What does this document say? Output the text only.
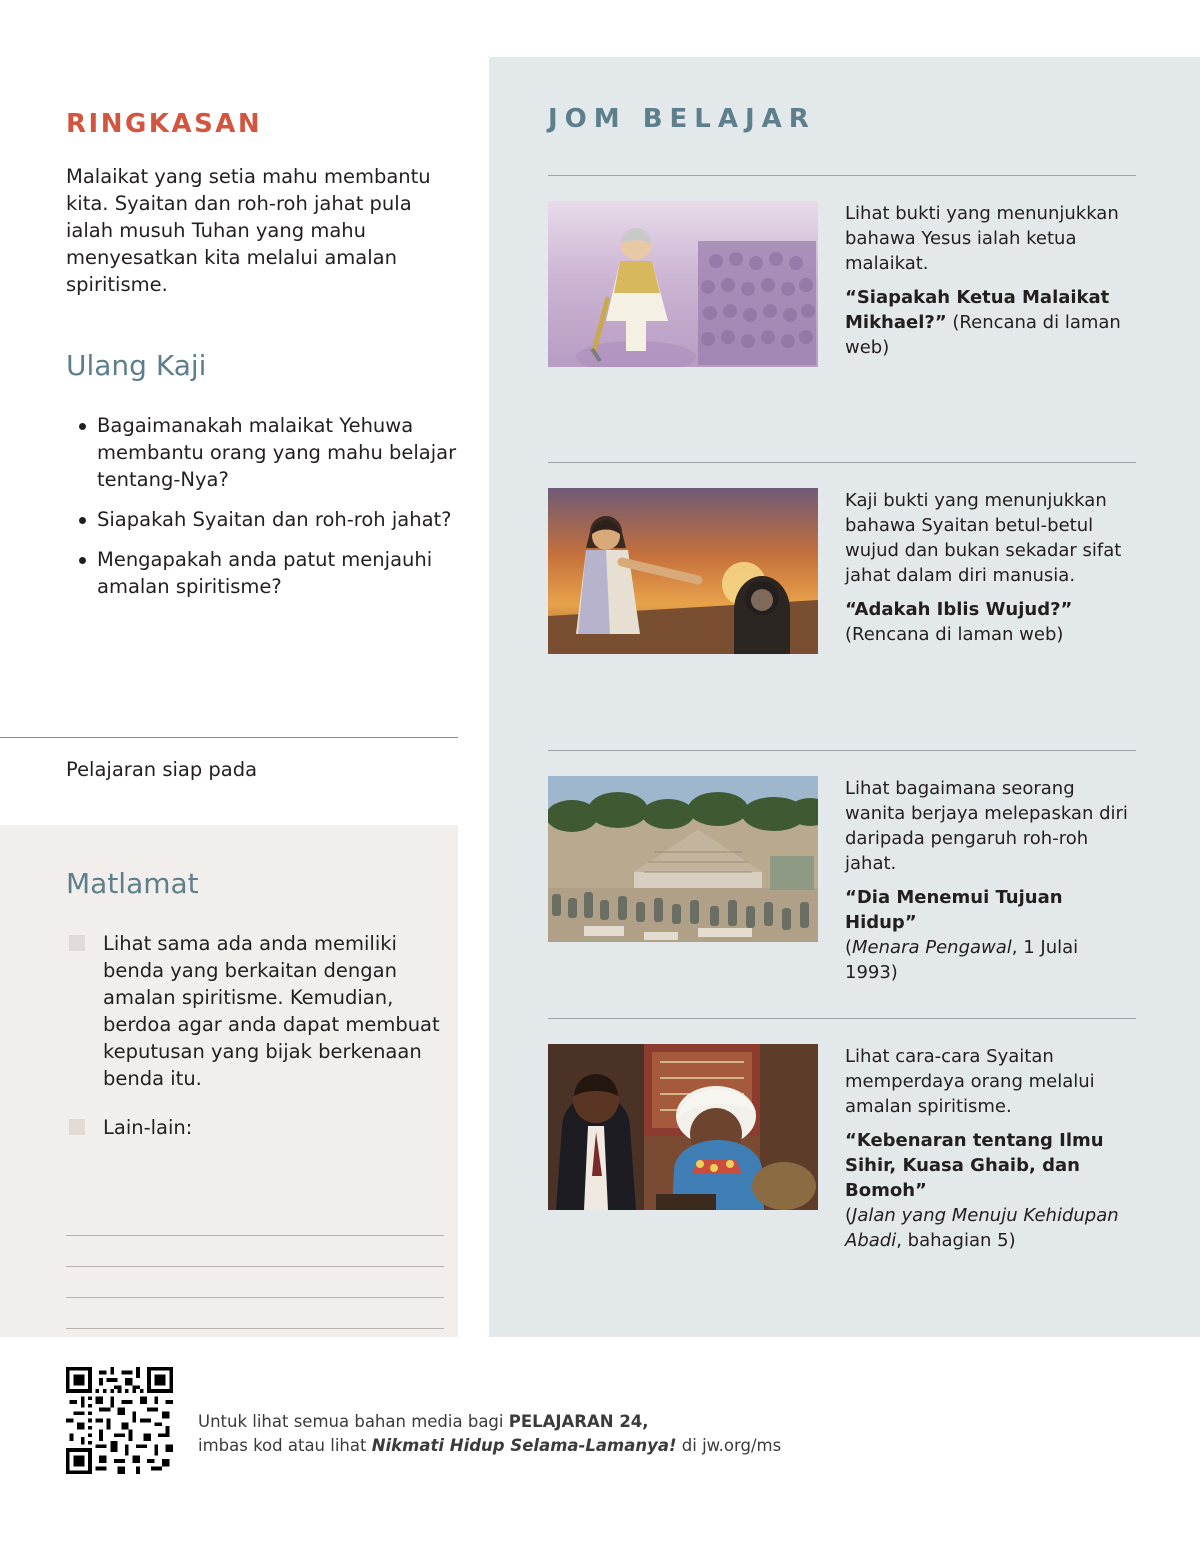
RINGKASAN
Malaikat yang setia mahu membantu kita. Syaitan dan roh-roh jahat pula ialah musuh Tuhan yang mahu menyesatkan kita melalui amalan spiritisme.
Ulang Kaji
Bagaimanakah malaikat Yehuwa membantu orang yang mahu belajar tentang-Nya?
Siapakah Syaitan dan roh-roh jahat?
Mengapakah anda patut menjauhi amalan spiritisme?
Pelajaran siap pada
Matlamat
Lihat sama ada anda memiliki benda yang berkaitan dengan amalan spiritisme. Kemudian, berdoa agar anda dapat membuat keputusan yang bijak berkenaan benda itu.
Lain-lain:
JOM BELAJAR
Lihat bukti yang menunjukkan bahawa Yesus ialah ketua malaikat.
“Siapakah Ketua Malaikat Mikhael?” (Rencana di laman web)
Kaji bukti yang menunjukkan bahawa Syaitan betul-betul wujud dan bukan sekadar sifat jahat dalam diri manusia.
“Adakah Iblis Wujud?”
(Rencana di laman web)
Lihat bagaimana seorang wanita berjaya melepaskan diri daripada pengaruh roh-roh jahat.
“Dia Menemui Tujuan Hidup”
(Menara Pengawal, 1 Julai 1993)
Lihat cara-cara Syaitan memperdaya orang melalui amalan spiritisme.
“Kebenaran tentang Ilmu Sihir, Kuasa Ghaib, dan Bomoh”
(Jalan yang Menuju Kehidupan Abadi, bahagian 5)
Untuk lihat semua bahan media bagi PELAJARAN 24,
imbas kod atau lihat Nikmati Hidup Selama-Lamanya! di jw.org/ms
